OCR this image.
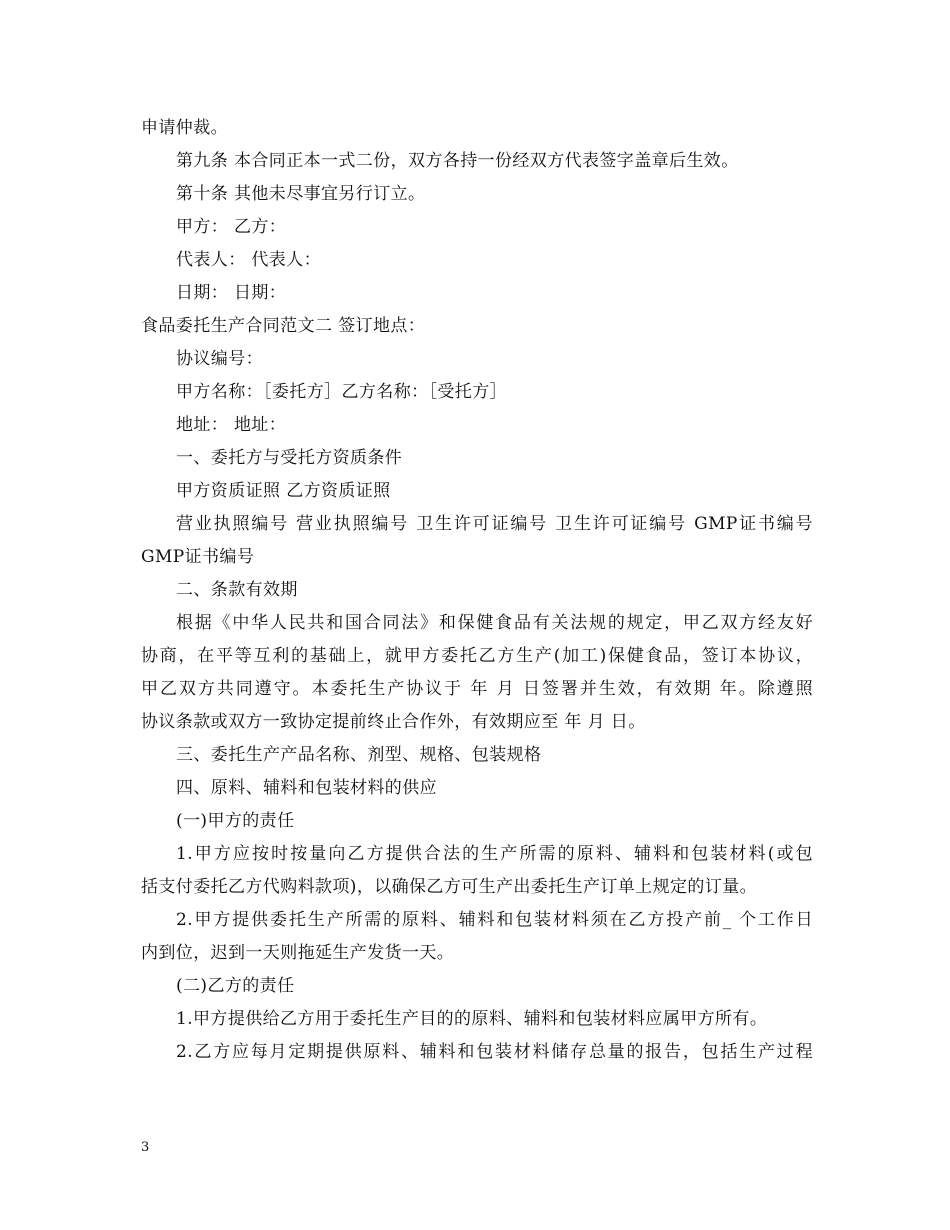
申请仲裁。
第九条 本合同正本一式二份，双方各持一份经双方代表签字盖章后生效。
第十条 其他未尽事宜另行订立。
甲方： 乙方：
代表人： 代表人：
日期： 日期：
食品委托生产合同范文二 签订地点：
协议编号：
甲方名称：［委托方］乙方名称：［受托方］
地址： 地址：
一、委托方与受托方资质条件
甲方资质证照 乙方资质证照
营业执照编号 营业执照编号 卫生许可证编号 卫生许可证编号 GMP证书编号
GMP证书编号
二、条款有效期
根据《中华人民共和国合同法》和保健食品有关法规的规定，甲乙双方经友好
协商，在平等互利的基础上，就甲方委托乙方生产(加工)保健食品，签订本协议，
甲乙双方共同遵守。本委托生产协议于 年 月 日签署并生效，有效期 年。除遵照
协议条款或双方一致协定提前终止合作外，有效期应至 年 月 日。
三、委托生产产品名称、剂型、规格、包装规格
四、原料、辅料和包装材料的供应
(一)甲方的责任
1.甲方应按时按量向乙方提供合法的生产所需的原料、辅料和包装材料(或包
括支付委托乙方代购料款项)，以确保乙方可生产出委托生产订单上规定的订量。
2.甲方提供委托生产所需的原料、辅料和包装材料须在乙方投产前_ 个工作日
内到位，迟到一天则拖延生产发货一天。
(二)乙方的责任
1.甲方提供给乙方用于委托生产目的的原料、辅料和包装材料应属甲方所有。
2.乙方应每月定期提供原料、辅料和包装材料储存总量的报告，包括生产过程
3
